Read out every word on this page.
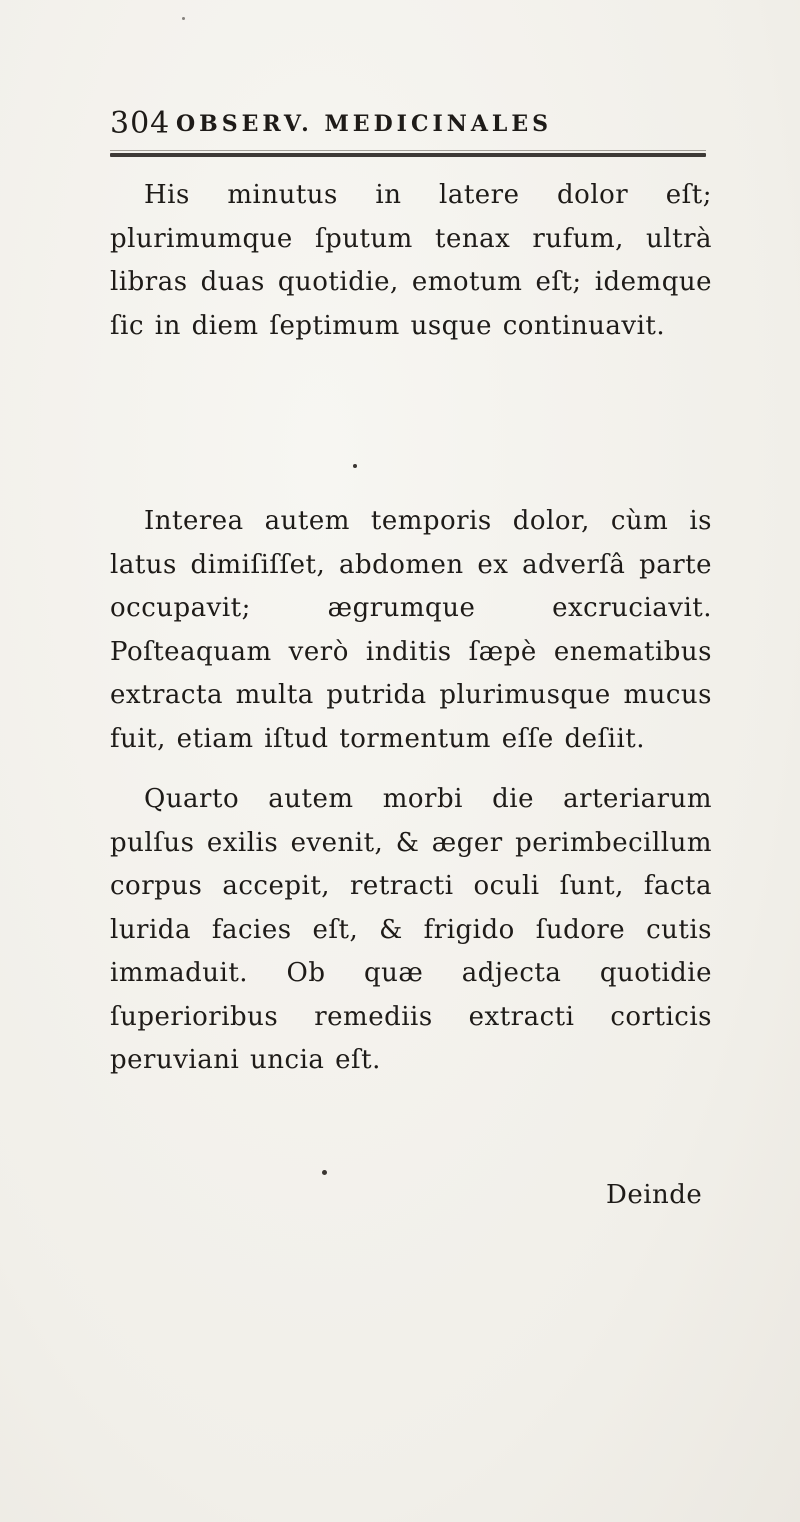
304 OBSERV. MEDICINALES

His minutus in latere dolor eſt; plurimumque ſputum tenax rufum, ultrà libras duas quotidie, emotum eſt; idemque ſic in diem ſeptimum usque continuavit.

Interea autem temporis dolor, cùm is latus dimiſiſſet, abdomen ex adverſâ parte occupavit; ægrumque excruciavit. Poſteaquam verò inditis ſæpè enematibus extracta multa putrida plurimusque mucus fuit, etiam iſtud tormentum eſſe deſiit.

Quarto autem morbi die arteriarum pulſus exilis evenit, & æger perimbecillum corpus accepit, retracti oculi ſunt, facta lurida facies eſt, & frigido ſudore cutis immaduit. Ob quæ adjecta quotidie ſuperioribus remediis extracti corticis peruviani uncia eſt.

Deinde
